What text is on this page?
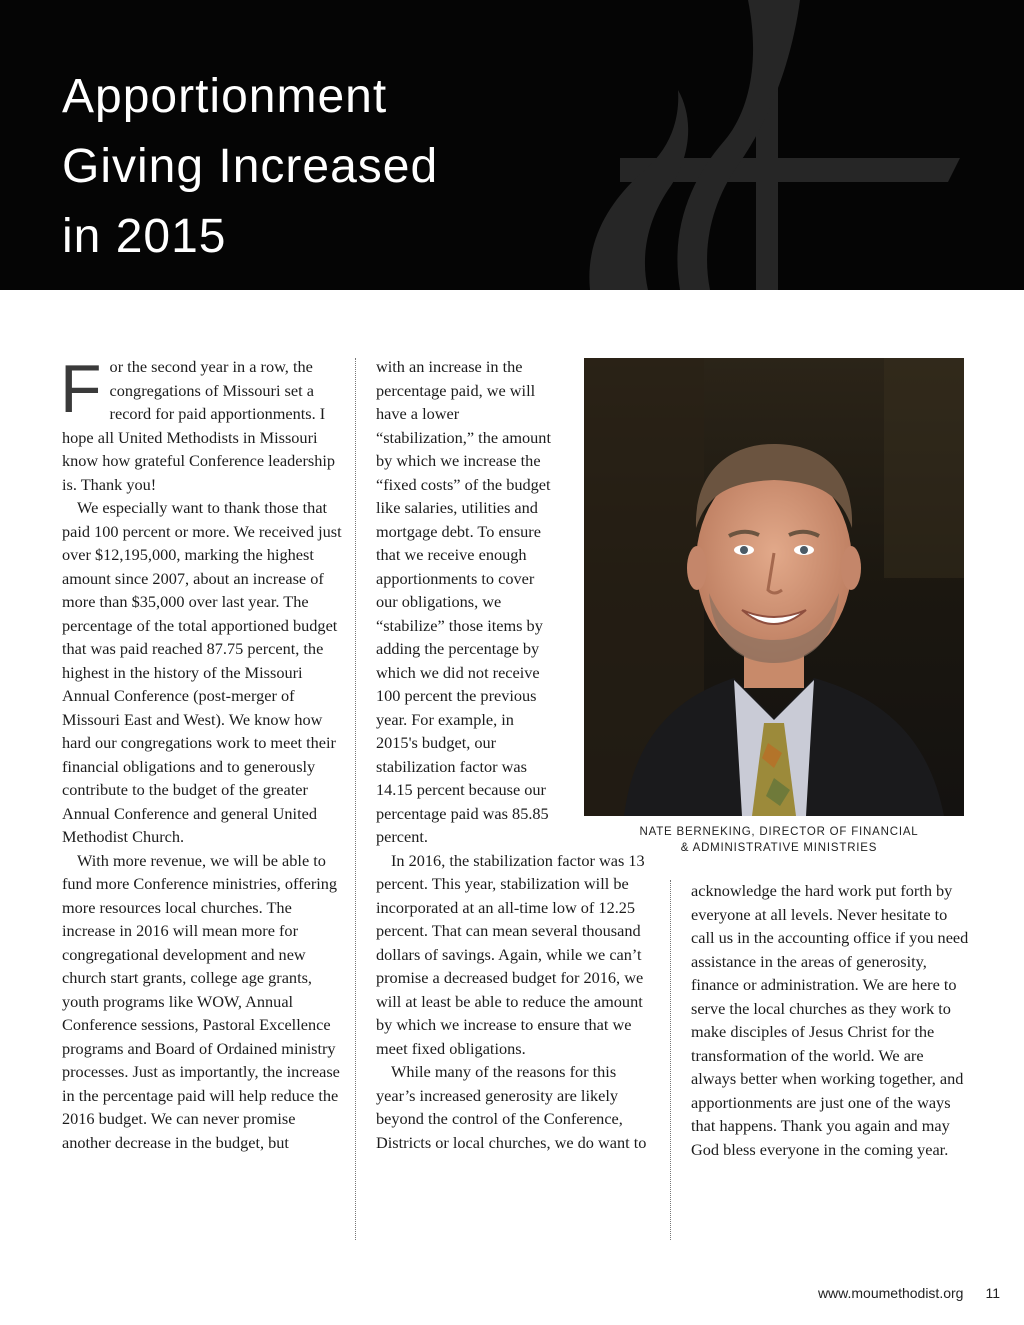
Apportionment
Giving Increased
in 2015

For the second year in a row, the congregations of Missouri set a record for paid apportionments. I hope all United Methodists in Missouri know how grateful Conference leadership is. Thank you!

We especially want to thank those that paid 100 percent or more. We received just over $12,195,000, marking the highest amount since 2007, about an increase of more than $35,000 over last year. The percentage of the total apportioned budget that was paid reached 87.75 percent, the highest in the history of the Missouri Annual Conference (post-merger of Missouri East and West). We know how hard our congregations work to meet their financial obligations and to generously contribute to the budget of the greater Annual Conference and general United Methodist Church.

With more revenue, we will be able to fund more Conference ministries, offering more resources local churches. The increase in 2016 will mean more for congregational development and new church start grants, college age grants, youth programs like WOW, Annual Conference sessions, Pastoral Excellence programs and Board of Ordained ministry processes. Just as importantly, the increase in the percentage paid will help reduce the 2016 budget. We can never promise another decrease in the budget, but

with an increase in the percentage paid, we will have a lower “stabilization,” the amount by which we increase the “fixed costs” of the budget like salaries, utilities and mortgage debt. To ensure that we receive enough apportionments to cover our obligations, we “stabilize” those items by adding the percentage by which we did not receive 100 percent the previous year. For example, in 2015's budget, our stabilization factor was 14.15 percent because our percentage paid was 85.85 percent.

In 2016, the stabilization factor was 13 percent. This year, stabilization will be incorporated at an all-time low of 12.25 percent. That can mean several thousand dollars of savings. Again, while we can’t promise a decreased budget for 2016, we will at least be able to reduce the amount by which we increase to ensure that we meet fixed obligations.

While many of the reasons for this year’s increased generosity are likely beyond the control of the Conference, Districts or local churches, we do want to

NATE BERNEKING, DIRECTOR OF FINANCIAL
& ADMINISTRATIVE MINISTRIES

acknowledge the hard work put forth by everyone at all levels. Never hesitate to call us in the accounting office if you need assistance in the areas of generosity, finance or administration. We are here to serve the local churches as they work to make disciples of Jesus Christ for the transformation of the world. We are always better when working together, and apportionments are just one of the ways that happens. Thank you again and may God bless everyone in the coming year.

www.moumethodist.org 11
